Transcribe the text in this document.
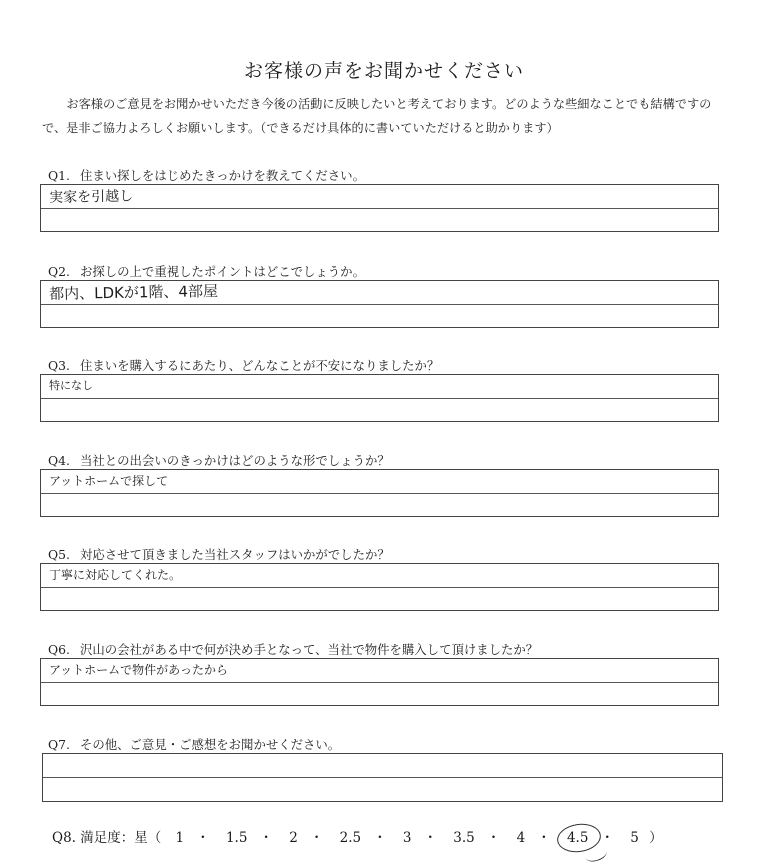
お客様の声をお聞かせください
お客様のご意見をお聞かせいただき今後の活動に反映したいと考えております。どのような些細なことでも結構ですので、是非ご協力よろしくお願いします。（できるだけ具体的に書いていただけると助かります）
Q1. 住まい探しをはじめたきっかけを教えてください。
実家を引越し
Q2. お探しの上で重視したポイントはどこでしょうか。
都内、LDKが1階、4部屋
Q3. 住まいを購入するにあたり、どんなことが不安になりましたか？
特になし
Q4. 当社との出会いのきっかけはどのような形でしょうか？
アットホームで探して
Q5. 対応させて頂きました当社スタッフはいかがでしたか？
丁寧に対応してくれた。
Q6. 沢山の会社がある中で何が決め手となって、当社で物件を購入して頂けましたか？
アットホームで物件があったから
Q7. その他、ご意見・ご感想をお聞かせください。
Q8. 満足度：星（ 1 ・ 1.5 ・ 2 ・ 2.5 ・ 3 ・ 3.5 ・ 4 ・ 4.5 ・ 5 ）
